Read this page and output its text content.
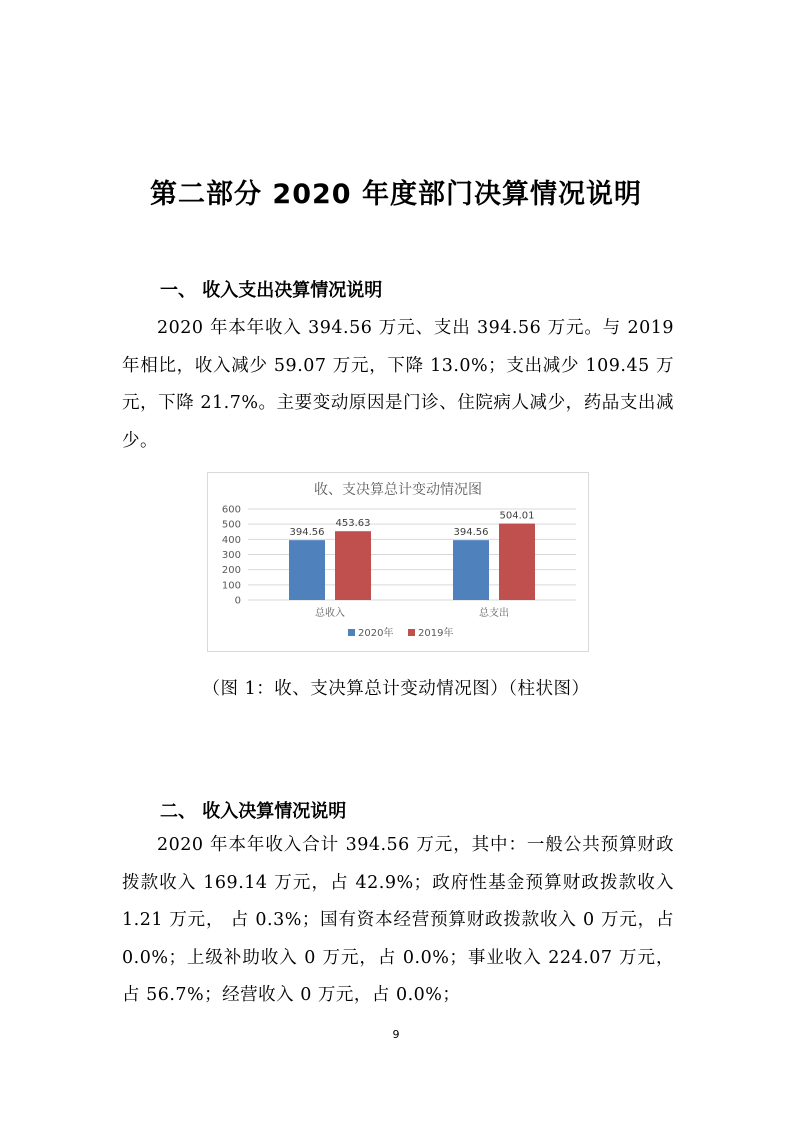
第二部分 2020 年度部门决算情况说明
一、 收入支出决算情况说明
2020 年本年收入 394.56 万元、支出 394.56 万元。与 2019 年相比，收入减少 59.07 万元，下降 13.0%；支出减少 109.45 万元，下降 21.7%。主要变动原因是门诊、住院病人减少，药品支出减少。
收、支决算总计变动情况图
0
100
200
300
400
500
600
394.56
453.63
总收入
394.56
504.01
总支出
2020年 2019年
（图 1：收、支决算总计变动情况图）（柱状图）
二、 收入决算情况说明
2020 年本年收入合计 394.56 万元，其中：一般公共预算财政拨款收入 169.14 万元，占 42.9%；政府性基金预算财政拨款收入 1.21 万元， 占 0.3%；国有资本经营预算财政拨款收入 0 万元，占 0.0%；上级补助收入 0 万元，占 0.0%；事业收入 224.07 万元，占 56.7%；经营收入 0 万元，占 0.0%；
9
